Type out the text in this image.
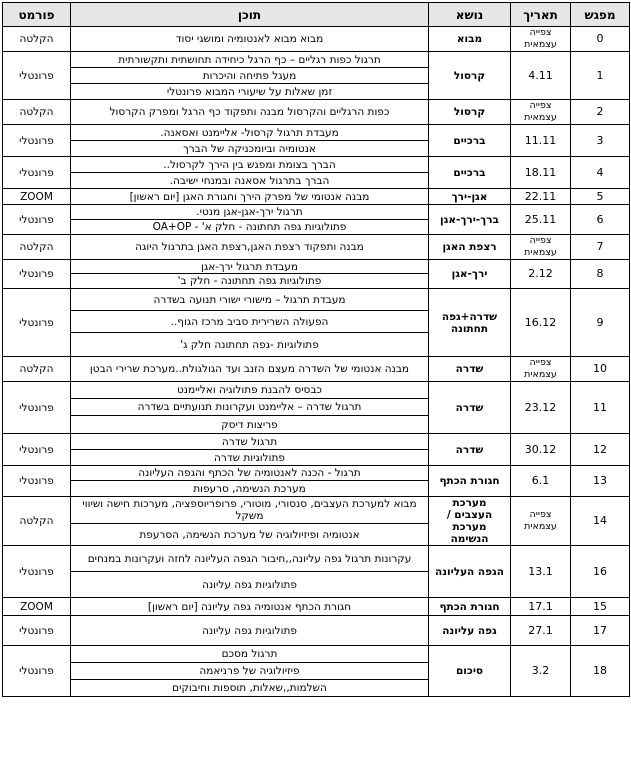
מפגש	תאריך	נושא	תוכן	פורמט
0	צפייה עצמאית	מבוא	מבוא מבוא לאנטומיה ומושגי יסוד	הקלטה
1	4.11	קרסול	תרגול כפות רגליים – כף הרגל כיחידה תחושתית ותקשורתית	פרונטלי
			מעגל פתיחה והיכרות	
			זמן שאלות על שיעורי המבוא פרונטלי	
2	צפייה עצמאית	קרסול	כפות הרגליים והקרסול מבנה ותפקוד כף הרגל ומפרק הקרסול	הקלטה
3	11.11	ברכיים	מעבדת תרגול קרסול- אליימנט ואסאנה.	פרונטלי
			אנטומיה וביומכניקה של הברך	
4	18.11	ברכיים	הברך בצומת ומפגש בין הירך לקרסול..	פרונטלי
			הברך בתרגול אסאנה ובמנחי ישיבה.	
5	22.11	אגן-ירך	מבנה אנטומי של מפרק הירך וחגורת האגן [יום ראשון]	ZOOM
6	25.11	ברך-ירך-אגן	תרגול ירך-אגן-אגן מנטי.	פרונטלי
			פתולוגיות גפה תחתונה - חלק א' - OA+OP	
7	צפייה עצמאית	רצפת האגן	מבנה ותפקוד רצפת האגן,רצפת האגן בתרגול היוגה	הקלטה
8	2.12	ירך-אגן	מעבדת תרגול ירך-אגן	פרונטלי
			פתולוגיות גפה תחתונה - חלק ב'	
9	16.12	שדרה+גפה תחתונה	מעבדת תרגול – מישורי ישורי תנועה בשדרה	פרונטלי
			הפעולה השרירית סביב מרכז הגוף..	
			פתולוגיות -גפה תחתונה חלק ג'	
10	צפייה עצמאית	שדרה	מבנה אנטומי של השדרה מעצם הזנב ועד הגולגולת..מערכת שרירי הבטן	הקלטה
11	23.12	שדרה	כבסיס להבנת פתולוגיה ואליימנט	פרונטלי
			תרגול שדרה – אליימנט ועקרונות תנועתיים בשדרה	
			פריצות דיסק	
12	30.12	שדרה	תרגול שדרה	פרונטלי
			פתולוגיות שדרה	
13	6.1	חגורת הכתף	תרגול - הכנה לאנטומיה של הכתף והגפה העליונה	פרונטלי
			מערכת הנשימה, סרעפות	
14	צפייה עצמאית	מערכת העצבים / מערכת הנשימה	מבוא למערכת העצבים, סנסורי, מוטורי, פרופריוספציה, מערכות חישה ושיווי משקל	הקלטה
			אנטומיה ופיזיולוגיה של מערכת הנשימה, הסרעפת	
16	13.1	הגפה העליונה	עקרונות תרגול גפה עליונה,,חיבור הגפה העליונה לחזה ועקרונות במנחים	פרונטלי
			פתולוגיות גפה עליונה	
15	17.1	חגורת הכתף	חגורת הכתף אנטומיה גפה עליונה [יום ראשון]	ZOOM
17	27.1	גפה עליונה	פתולוגיות גפה עליונה	פרונטלי
18	3.2	סיכום	תרגול מסכם	פרונטלי
			פיזיולוגיה של פרניאמה	
			השלמות,,שאלות, תוספות וחיבוקים	
